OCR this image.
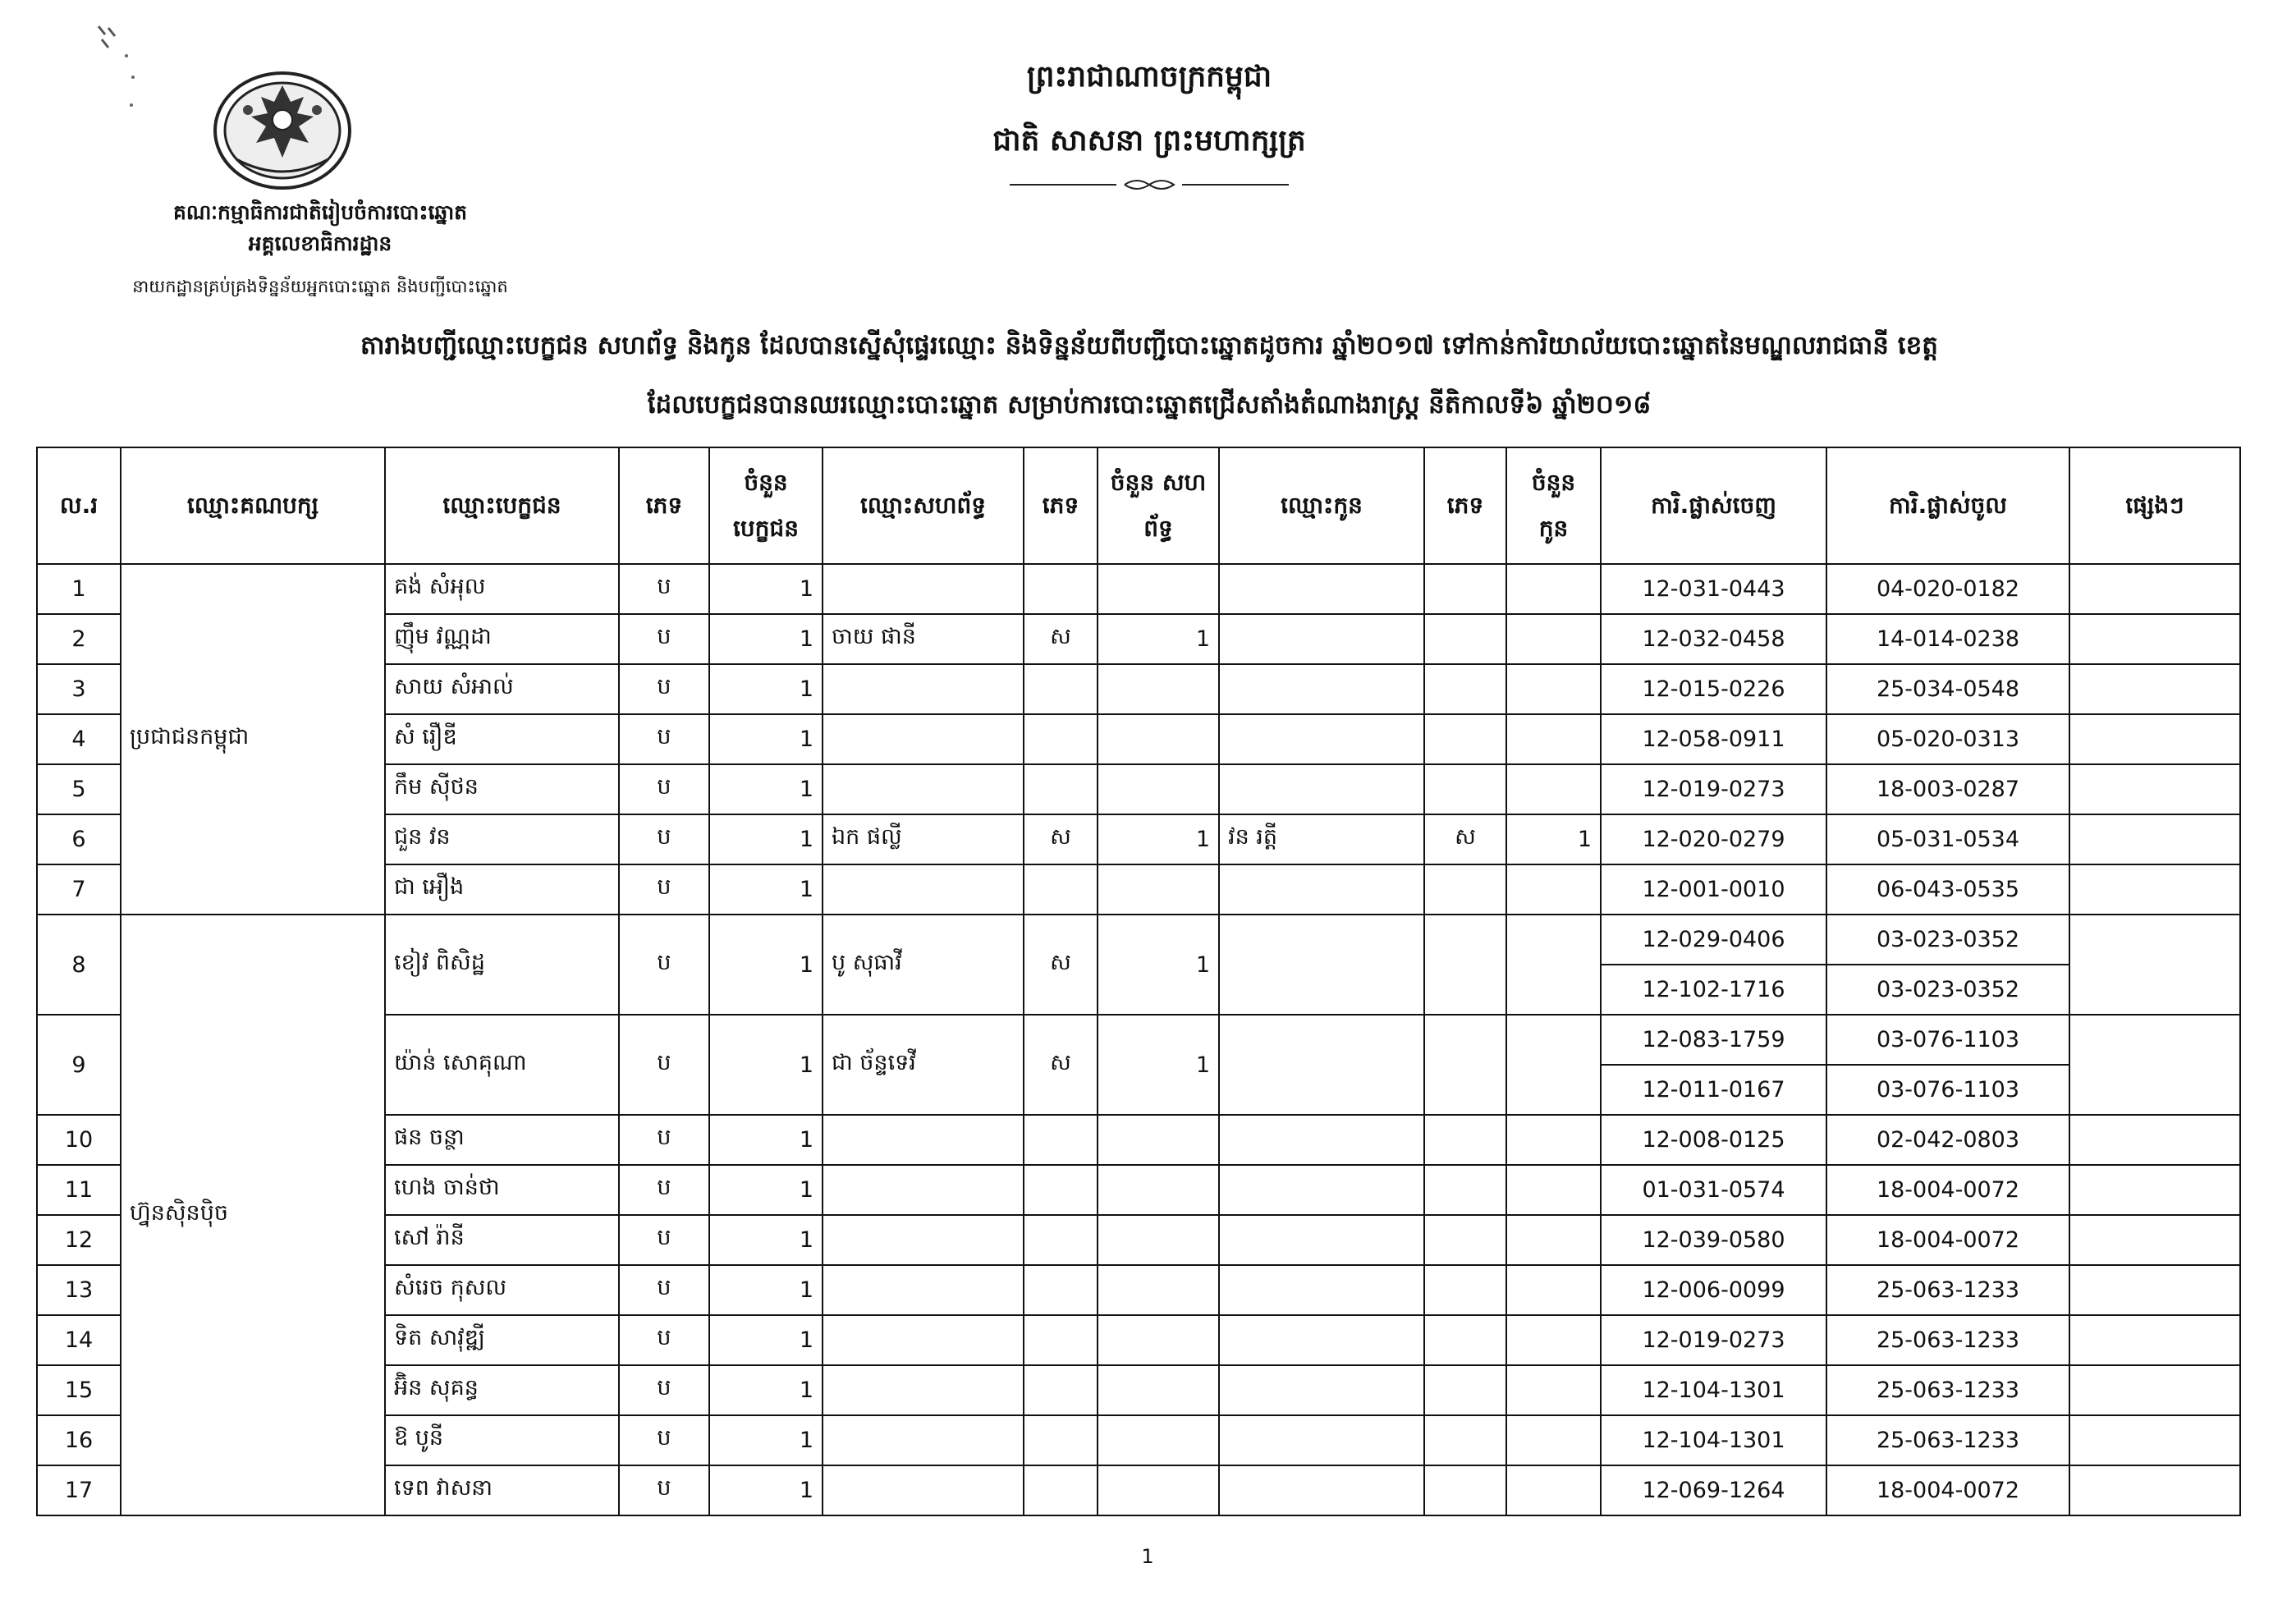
គណៈកម្មាធិការជាតិរៀបចំការបោះឆ្នោត
អគ្គលេខាធិការដ្ឋាន
នាយកដ្ឋានគ្រប់គ្រងទិន្នន័យអ្នកបោះឆ្នោត និងបញ្ជីបោះឆ្នោត
ព្រះរាជាណាចក្រកម្ពុជា
ជាតិ សាសនា ព្រះមហាក្សត្រ
តារាងបញ្ជីឈ្មោះបេក្ខជន សហព័ទ្ធ និងកូន ដែលបានស្នើសុំផ្ទេរឈ្មោះ និងទិន្នន័យពីបញ្ជីបោះឆ្នោតដូចការ ឆ្នាំ២០១៧ ទៅកាន់ការិយាល័យបោះឆ្នោតនៃមណ្ឌលរាជធានី ខេត្ត
ដែលបេក្ខជនបានឈរឈ្មោះបោះឆ្នោត សម្រាប់ការបោះឆ្នោតជ្រើសតាំងតំណាងរាស្ត្រ នីតិកាលទី៦ ឆ្នាំ២០១៨
ល.រ	ឈ្មោះគណបក្ស	ឈ្មោះបេក្ខជន	ភេទ	ចំនួន បេក្ខជន	ឈ្មោះសហព័ទ្ធ	ភេទ	ចំនួន សហព័ទ្ធ	ឈ្មោះកូន	ភេទ	ចំនួន កូន	ការិ.ផ្លាស់ចេញ	ការិ.ផ្លាស់ចូល	ផ្សេងៗ
1	ប្រជាជនកម្ពុជា	គង់ សំអុល	ប	1							12-031-0443	04-020-0182	
2		ញ៉ឹម វណ្ណដា	ប	1	ចាយ ផានី	ស	1				12-032-0458	14-014-0238	
3		សាយ សំអាល់	ប	1							12-015-0226	25-034-0548	
4		សំ រឿឌី	ប	1							12-058-0911	05-020-0313	
5		កឹម ស៊ីថន	ប	1							12-019-0273	18-003-0287	
6		ជួន វន	ប	1	ឯក ផល្លី	ស	1	វន រត្តី	ស	1	12-020-0279	05-031-0534	
7		ជា អឿង	ប	1							12-001-0010	06-043-0535	
8	ហ្វ៊ុនស៊ិនប៉ិច	ខៀវ ពិសិដ្ឋ	ប	1	បូ សុធាវី	ស	1				12-029-0406	03-023-0352	
											12-102-1716	03-023-0352	
9		យ៉ាន់ សោគុណា	ប	1	ជា ច័ន្ទទេវី	ស	1				12-083-1759	03-076-1103	
											12-011-0167	03-076-1103	
10		ផន ចន្ថា	ប	1							12-008-0125	02-042-0803	
11		ហេង ចាន់ថា	ប	1							01-031-0574	18-004-0072	
12		សៅ រ៉ានី	ប	1							12-039-0580	18-004-0072	
13		សំរេច កុសល	ប	1							12-006-0099	25-063-1233	
14		ទិត សាវុឌ្ឍី	ប	1							12-019-0273	25-063-1233	
15		អ៊ិន សុគន្ធ	ប	1							12-104-1301	25-063-1233	
16		ឱ បូនី	ប	1							12-104-1301	25-063-1233	
17		ទេព វាសនា	ប	1							12-069-1264	18-004-0072	
1
